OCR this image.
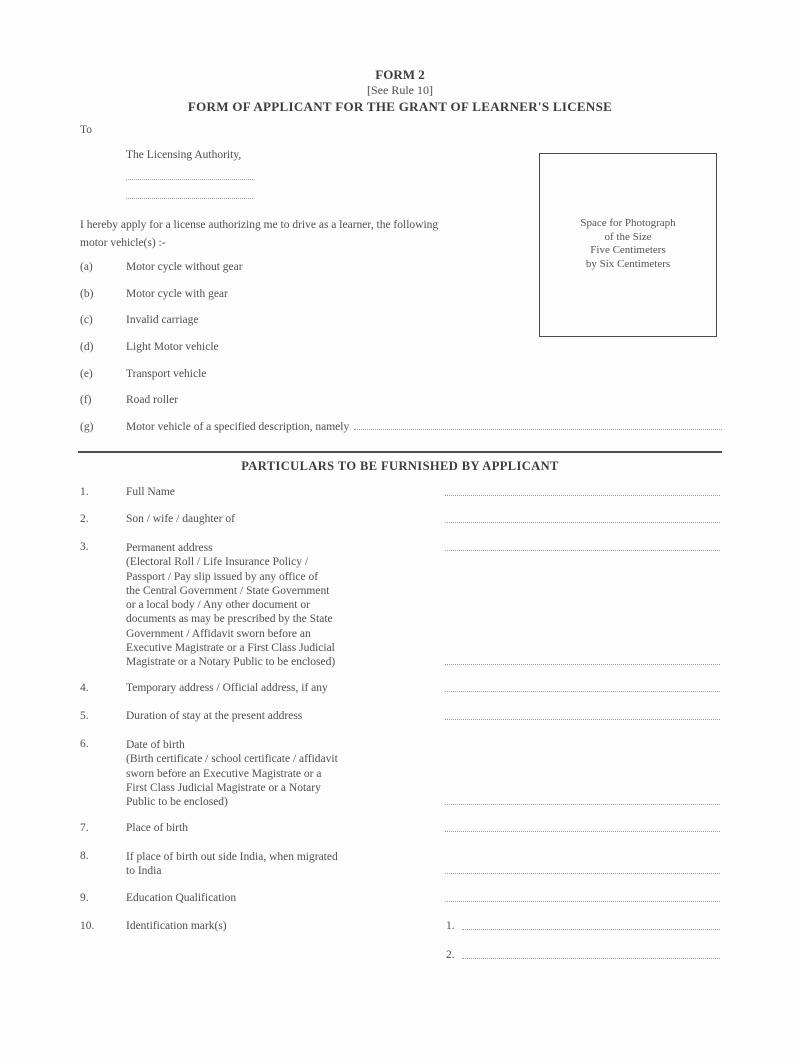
FORM 2
[See Rule 10]
FORM OF APPLICANT FOR THE GRANT OF LEARNER'S LICENSE
To
The Licensing Authority,
Space for Photograph
of the Size
Five Centimeters
by Six Centimeters
I hereby apply for a license authorizing me to drive as a learner, the following
motor vehicle(s) :-
(a)	Motor cycle without gear
(b)	Motor cycle with gear
(c)	Invalid carriage
(d)	Light Motor vehicle
(e)	Transport vehicle
(f)	Road roller
(g)	Motor vehicle of a specified description, namely
PARTICULARS TO BE FURNISHED BY APPLICANT
1.	Full Name
2.	Son / wife / daughter of
3.	Permanent address
(Electoral Roll / Life Insurance Policy /
Passport / Pay slip issued by any office of
the Central Government / State Government
or a local body / Any other document or
documents as may be prescribed by the State
Government / Affidavit sworn before an
Executive Magistrate or a First Class Judicial
Magistrate or a Notary Public to be enclosed)
4.	Temporary address / Official address, if any
5.	Duration of stay at the present address
6.	Date of birth
(Birth certificate / school certificate / affidavit
sworn before an Executive Magistrate or a
First Class Judicial Magistrate or a Notary
Public to be enclosed)
7.	Place of birth
8.	If place of birth out side India, when migrated
to India
9.	Education Qualification
10.	Identification mark(s)	1.
2.
